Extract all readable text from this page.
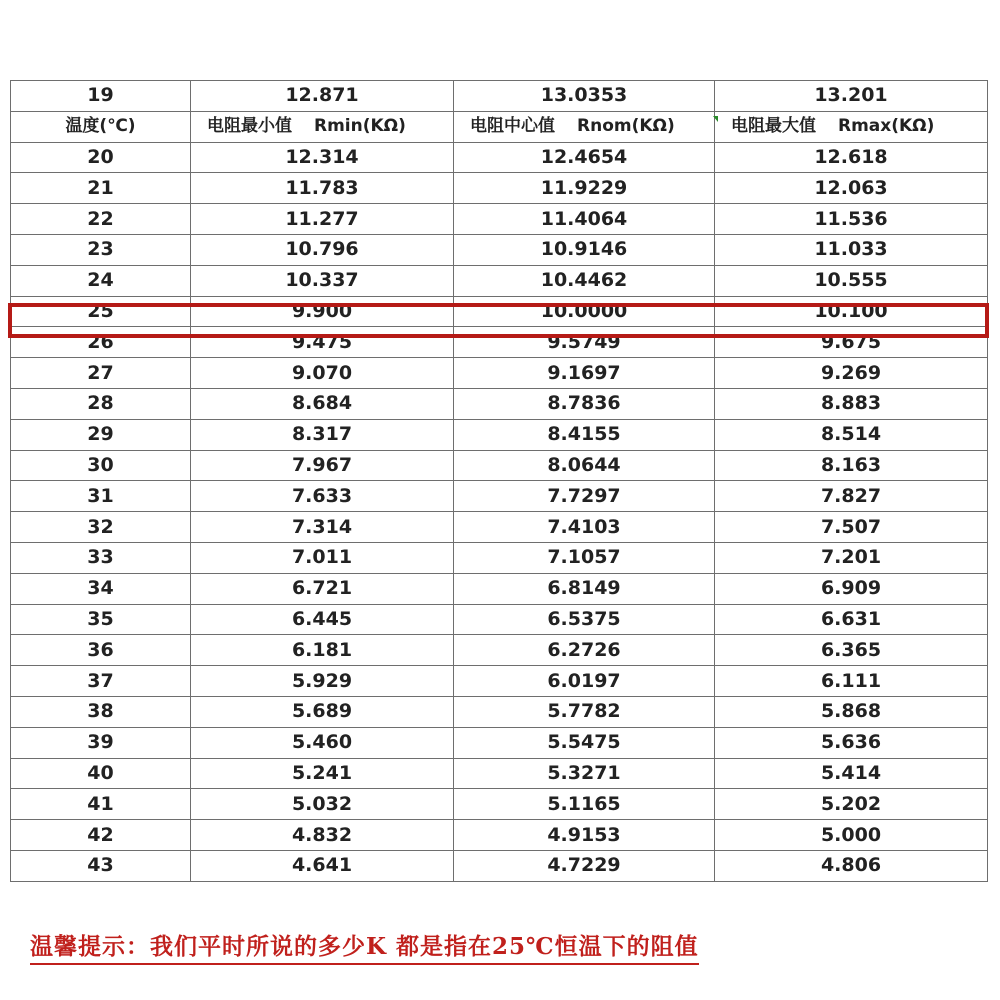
19	12.871	13.0353	13.201
温度(℃)	电阻最小值 Rmin(KΩ)	电阻中心值 Rnom(KΩ)	电阻最大值 Rmax(KΩ)
20	12.314	12.4654	12.618
21	11.783	11.9229	12.063
22	11.277	11.4064	11.536
23	10.796	10.9146	11.033
24	10.337	10.4462	10.555
25	9.900	10.0000	10.100
26	9.475	9.5749	9.675
27	9.070	9.1697	9.269
28	8.684	8.7836	8.883
29	8.317	8.4155	8.514
30	7.967	8.0644	8.163
31	7.633	7.7297	7.827
32	7.314	7.4103	7.507
33	7.011	7.1057	7.201
34	6.721	6.8149	6.909
35	6.445	6.5375	6.631
36	6.181	6.2726	6.365
37	5.929	6.0197	6.111
38	5.689	5.7782	5.868
39	5.460	5.5475	5.636
40	5.241	5.3271	5.414
41	5.032	5.1165	5.202
42	4.832	4.9153	5.000
43	4.641	4.7229	4.806
温馨提示：我们平时所说的多少K 都是指在25℃恒温下的阻值
